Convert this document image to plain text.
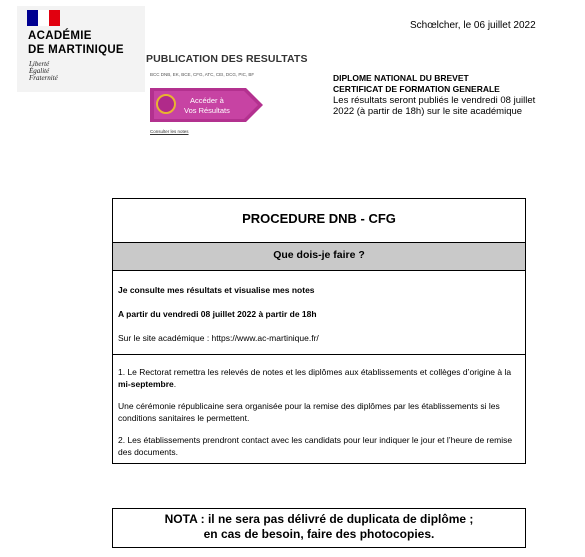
ACADÉMIE
DE MARTINIQUE
Liberté
Égalité
Fraternité
PUBLICATION DES RESULTATS
BCC DNB, EK, BCE, CFG, ATC, CEI, DCG, PIC, BF
Accéder à
Vos Résultats
Consulter les notes
Schœlcher, le 06 juillet 2022
DIPLOME NATIONAL DU BREVET
CERTIFICAT DE FORMATION GENERALE
Les résultats seront publiés le vendredi 08 juillet 2022 (à partir de 18h) sur le site académique
PROCEDURE DNB - CFG
Que dois-je faire ?
Je consulte mes résultats et visualise mes notes
A partir du vendredi 08 juillet 2022 à partir de 18h
Sur le site académique : https://www.ac-martinique.fr/
1. Le Rectorat remettra les relevés de notes et les diplômes aux établissements et collèges d’origine à la mi-septembre.
Une cérémonie républicaine sera organisée pour la remise des diplômes par les établissements si les conditions sanitaires le permettent.
2. Les établissements prendront contact avec les candidats pour leur indiquer le jour et l’heure de remise des documents.
NOTA : il ne sera pas délivré de duplicata de diplôme ;
en cas de besoin, faire des photocopies.
